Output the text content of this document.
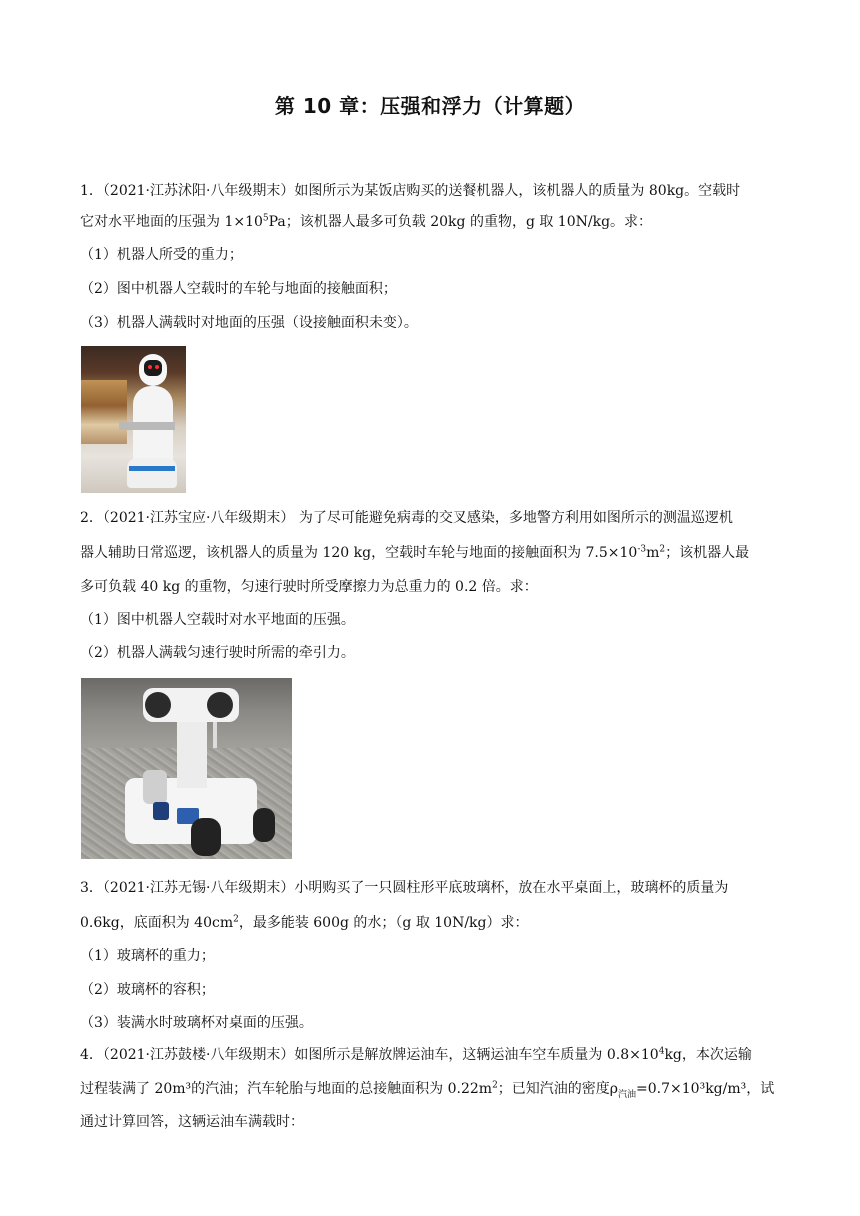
第 10 章：压强和浮力（计算题）
1．（2021·江苏沭阳·八年级期末）如图所示为某饭店购买的送餐机器人，该机器人的质量为 80kg。空载时
它对水平地面的压强为 $1\times 10^5Pa$；该机器人最多可负载 20kg 的重物，g 取 10N/kg。求：
（1）机器人所受的重力；
（2）图中机器人空载时的车轮与地面的接触面积；
（3）机器人满载时对地面的压强（设接触面积未变）。
2．（2021·江苏宝应·八年级期末） 为了尽可能避免病毒的交叉感染，多地警方利用如图所示的测温巡逻机
器人辅助日常巡逻，该机器人的质量为 120 kg，空载时车轮与地面的接触面积为 $7.5\times 10^{-3}m^2$；该机器人最
多可负载 40 kg 的重物，匀速行驶时所受摩擦力为总重力的 0.2 倍。求：
（1）图中机器人空载时对水平地面的压强。
（2）机器人满载匀速行驶时所需的牵引力。
3．（2021·江苏无锡·八年级期末）小明购买了一只圆柱形平底玻璃杯，放在水平桌面上，玻璃杯的质量为
0.6kg，底面积为 $40cm^2$，最多能装 600g 的水；（g 取 10N/kg）求：
（1）玻璃杯的重力；
（2）玻璃杯的容积；
（3）装满水时玻璃杯对桌面的压强。
4．（2021·江苏鼓楼·八年级期末）如图所示是解放牌运油车，这辆运油车空车质量为 $0.8\times 10^4kg$，本次运输
过程装满了 20m³的汽油；汽车轮胎与地面的总接触面积为 $0.22m^2$；已知汽油的密度$\rho_{汽油}=0.7\times 10^3kg/m^3$，试
通过计算回答，这辆运油车满载时：
